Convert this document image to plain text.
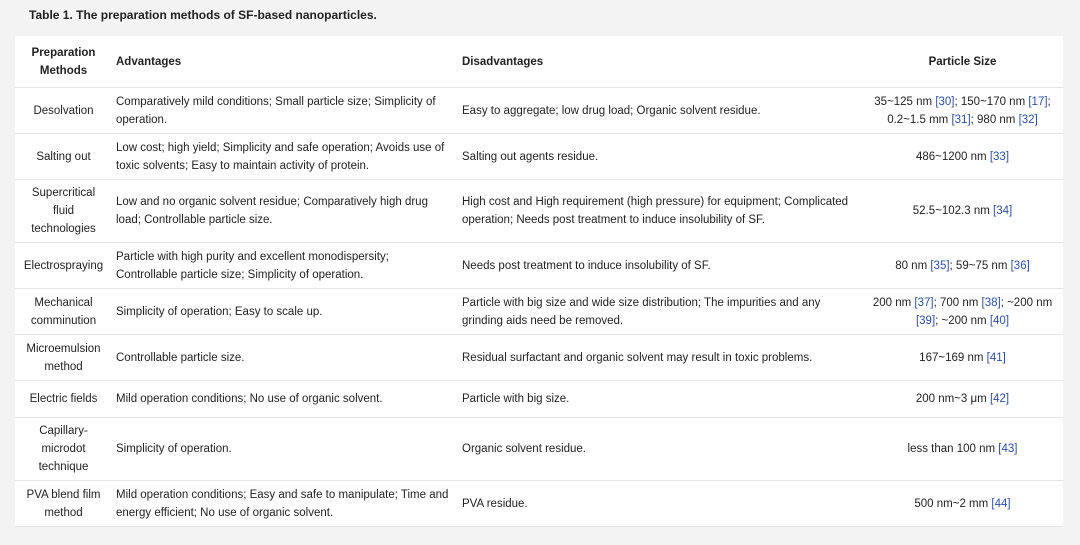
Table 1. The preparation methods of SF-based nanoparticles.
Preparation Methods	Advantages	Disadvantages	Particle Size
Desolvation	Comparatively mild conditions; Small particle size; Simplicity of operation.	Easy to aggregate; low drug load; Organic solvent residue.	35~125 nm [30]; 150~170 nm [17]; 0.2~1.5 mm [31]; 980 nm [32]
Salting out	Low cost; high yield; Simplicity and safe operation; Avoids use of toxic solvents; Easy to maintain activity of protein.	Salting out agents residue.	486~1200 nm [33]
Supercritical fluid technologies	Low and no organic solvent residue; Comparatively high drug load; Controllable particle size.	High cost and High requirement (high pressure) for equipment; Complicated operation; Needs post treatment to induce insolubility of SF.	52.5~102.3 nm [34]
Electrospraying	Particle with high purity and excellent monodispersity; Controllable particle size; Simplicity of operation.	Needs post treatment to induce insolubility of SF.	80 nm [35]; 59~75 nm [36]
Mechanical comminution	Simplicity of operation; Easy to scale up.	Particle with big size and wide size distribution; The impurities and any grinding aids need be removed.	200 nm [37]; 700 nm [38]; ~200 nm [39]; ~200 nm [40]
Microemulsion method	Controllable particle size.	Residual surfactant and organic solvent may result in toxic problems.	167~169 nm [41]
Electric fields	Mild operation conditions; No use of organic solvent.	Particle with big size.	200 nm~3 μm [42]
Capillary-microdot technique	Simplicity of operation.	Organic solvent residue.	less than 100 nm [43]
PVA blend film method	Mild operation conditions; Easy and safe to manipulate; Time and energy efficient; No use of organic solvent.	PVA residue.	500 nm~2 mm [44]
